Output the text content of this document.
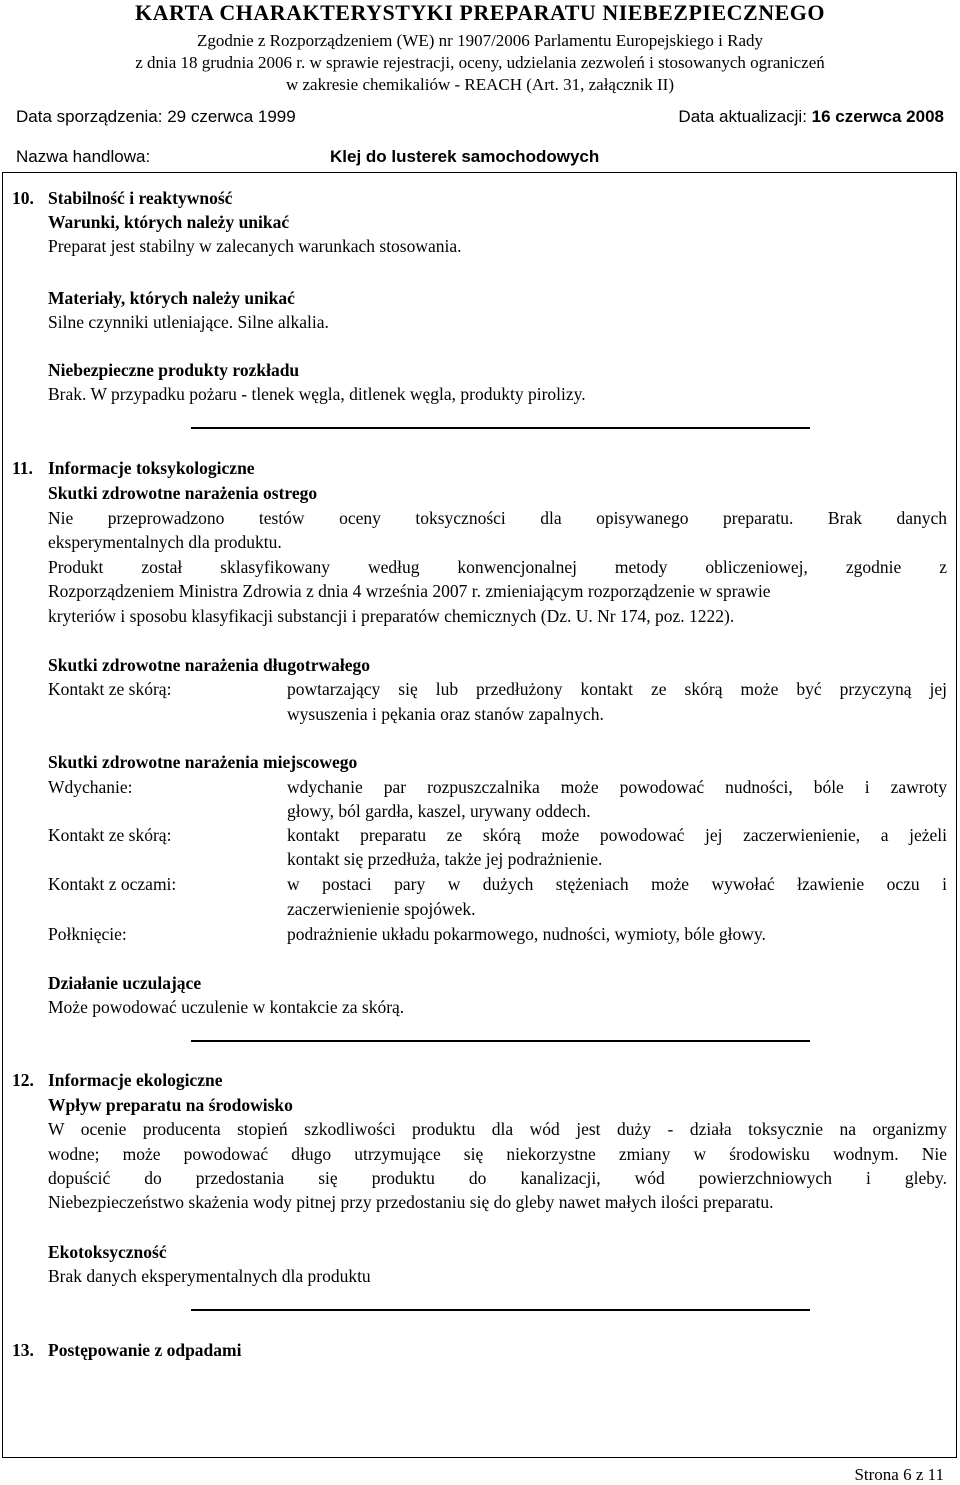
KARTA CHARAKTERYSTYKI PREPARATU NIEBEZPIECZNEGO
Zgodnie z Rozporządzeniem (WE) nr 1907/2006 Parlamentu Europejskiego i Rady
z dnia 18 grudnia 2006 r. w sprawie rejestracji, oceny, udzielania zezwoleń i stosowanych ograniczeń
w zakresie chemikaliów - REACH (Art. 31, załącznik II)
Data sporządzenia: 29 czerwca 1999	Data aktualizacji: 16 czerwca 2008
Nazwa handlowa:	Klej do lusterek samochodowych
10. Stabilność i reaktywność
Warunki, których należy unikać
Preparat jest stabilny w zalecanych warunkach stosowania.
Materiały, których należy unikać
Silne czynniki utleniające. Silne alkalia.
Niebezpieczne produkty rozkładu
Brak. W przypadku pożaru - tlenek węgla, ditlenek węgla, produkty pirolizy.
11. Informacje toksykologiczne
Skutki zdrowotne narażenia ostrego
Nie przeprowadzono testów oceny toksyczności dla opisywanego preparatu. Brak danych
eksperymentalnych dla produktu.
Produkt został sklasyfikowany według konwencjonalnej metody obliczeniowej, zgodnie z
Rozporządzeniem Ministra Zdrowia z dnia 4 września 2007 r. zmieniającym rozporządzenie w sprawie
kryteriów i sposobu klasyfikacji substancji i preparatów chemicznych (Dz. U. Nr 174, poz. 1222).
Skutki zdrowotne narażenia długotrwałego
Kontakt ze skórą:	powtarzający się lub przedłużony kontakt ze skórą może być przyczyną jej
wysuszenia i pękania oraz stanów zapalnych.
Skutki zdrowotne narażenia miejscowego
Wdychanie:	wdychanie par rozpuszczalnika może powodować nudności, bóle i zawroty
głowy, ból gardła, kaszel, urywany oddech.
Kontakt ze skórą:	kontakt preparatu ze skórą może powodować jej zaczerwienienie, a jeżeli
kontakt się przedłuża, także jej podrażnienie.
Kontakt z oczami:	w postaci pary w dużych stężeniach może wywołać łzawienie oczu i
zaczerwienienie spojówek.
Połknięcie:	podrażnienie układu pokarmowego, nudności, wymioty, bóle głowy.
Działanie uczulające
Może powodować uczulenie w kontakcie za skórą.
12. Informacje ekologiczne
Wpływ preparatu na środowisko
W ocenie producenta stopień szkodliwości produktu dla wód jest duży - działa toksycznie na organizmy
wodne; może powodować długo utrzymujące się niekorzystne zmiany w środowisku wodnym. Nie
dopuścić do przedostania się produktu do kanalizacji, wód powierzchniowych i gleby.
Niebezpieczeństwo skażenia wody pitnej przy przedostaniu się do gleby nawet małych ilości preparatu.
Ekotoksyczność
Brak danych eksperymentalnych dla produktu
13. Postępowanie z odpadami
Strona 6 z 11
